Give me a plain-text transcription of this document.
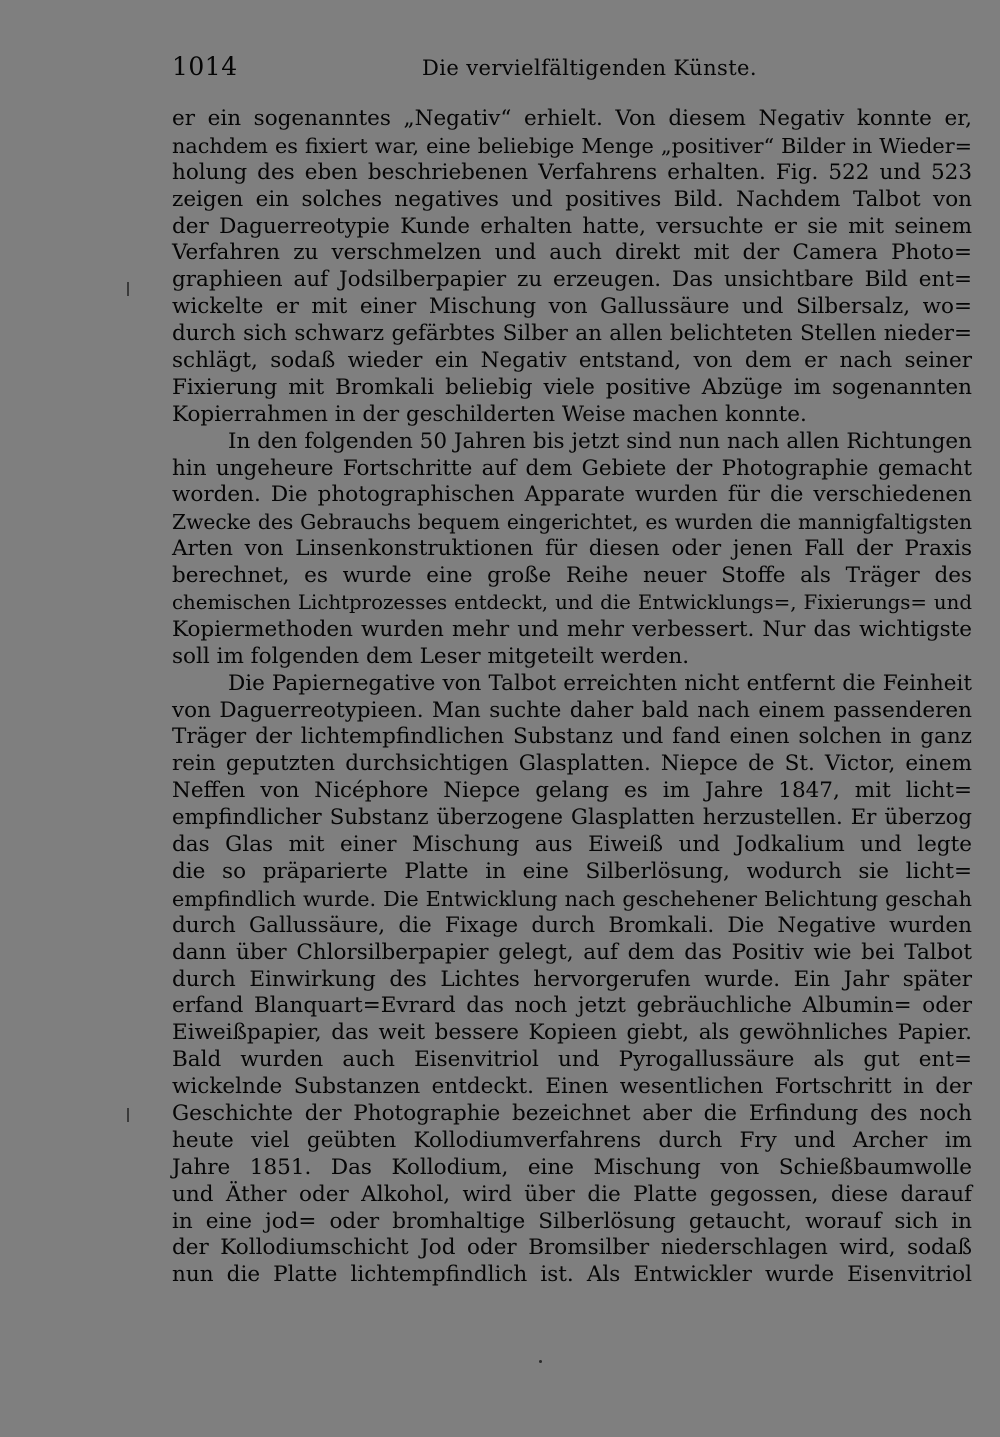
1014	Die vervielfältigenden Künste.
er ein sogenanntes „Negativ“ erhielt. Von diesem Negativ konnte er,
nachdem es fixiert war, eine beliebige Menge „positiver“ Bilder in Wieder=
holung des eben beschriebenen Verfahrens erhalten. Fig. 522 und 523
zeigen ein solches negatives und positives Bild. Nachdem Talbot von
der Daguerreotypie Kunde erhalten hatte, versuchte er sie mit seinem
Verfahren zu verschmelzen und auch direkt mit der Camera Photo=
graphieen auf Jodsilberpapier zu erzeugen. Das unsichtbare Bild ent=
wickelte er mit einer Mischung von Gallussäure und Silbersalz, wo=
durch sich schwarz gefärbtes Silber an allen belichteten Stellen nieder=
schlägt, sodaß wieder ein Negativ entstand, von dem er nach seiner
Fixierung mit Bromkali beliebig viele positive Abzüge im sogenannten
Kopierrahmen in der geschilderten Weise machen konnte.
In den folgenden 50 Jahren bis jetzt sind nun nach allen Richtungen
hin ungeheure Fortschritte auf dem Gebiete der Photographie gemacht
worden. Die photographischen Apparate wurden für die verschiedenen
Zwecke des Gebrauchs bequem eingerichtet, es wurden die mannigfaltigsten
Arten von Linsenkonstruktionen für diesen oder jenen Fall der Praxis
berechnet, es wurde eine große Reihe neuer Stoffe als Träger des
chemischen Lichtprozesses entdeckt, und die Entwicklungs=, Fixierungs= und
Kopiermethoden wurden mehr und mehr verbessert. Nur das wichtigste
soll im folgenden dem Leser mitgeteilt werden.
Die Papiernegative von Talbot erreichten nicht entfernt die Feinheit
von Daguerreotypieen. Man suchte daher bald nach einem passenderen
Träger der lichtempfindlichen Substanz und fand einen solchen in ganz
rein geputzten durchsichtigen Glasplatten. Niepce de St. Victor, einem
Neffen von Nicéphore Niepce gelang es im Jahre 1847, mit licht=
empfindlicher Substanz überzogene Glasplatten herzustellen. Er überzog
das Glas mit einer Mischung aus Eiweiß und Jodkalium und legte
die so präparierte Platte in eine Silberlösung, wodurch sie licht=
empfindlich wurde. Die Entwicklung nach geschehener Belichtung geschah
durch Gallussäure, die Fixage durch Bromkali. Die Negative wurden
dann über Chlorsilberpapier gelegt, auf dem das Positiv wie bei Talbot
durch Einwirkung des Lichtes hervorgerufen wurde. Ein Jahr später
erfand Blanquart=Evrard das noch jetzt gebräuchliche Albumin= oder
Eiweißpapier, das weit bessere Kopieen giebt, als gewöhnliches Papier.
Bald wurden auch Eisenvitriol und Pyrogallussäure als gut ent=
wickelnde Substanzen entdeckt. Einen wesentlichen Fortschritt in der
Geschichte der Photographie bezeichnet aber die Erfindung des noch
heute viel geübten Kollodiumverfahrens durch Fry und Archer im
Jahre 1851. Das Kollodium, eine Mischung von Schießbaumwolle
und Äther oder Alkohol, wird über die Platte gegossen, diese darauf
in eine jod= oder bromhaltige Silberlösung getaucht, worauf sich in
der Kollodiumschicht Jod oder Bromsilber niederschlagen wird, sodaß
nun die Platte lichtempfindlich ist. Als Entwickler wurde Eisenvitriol
